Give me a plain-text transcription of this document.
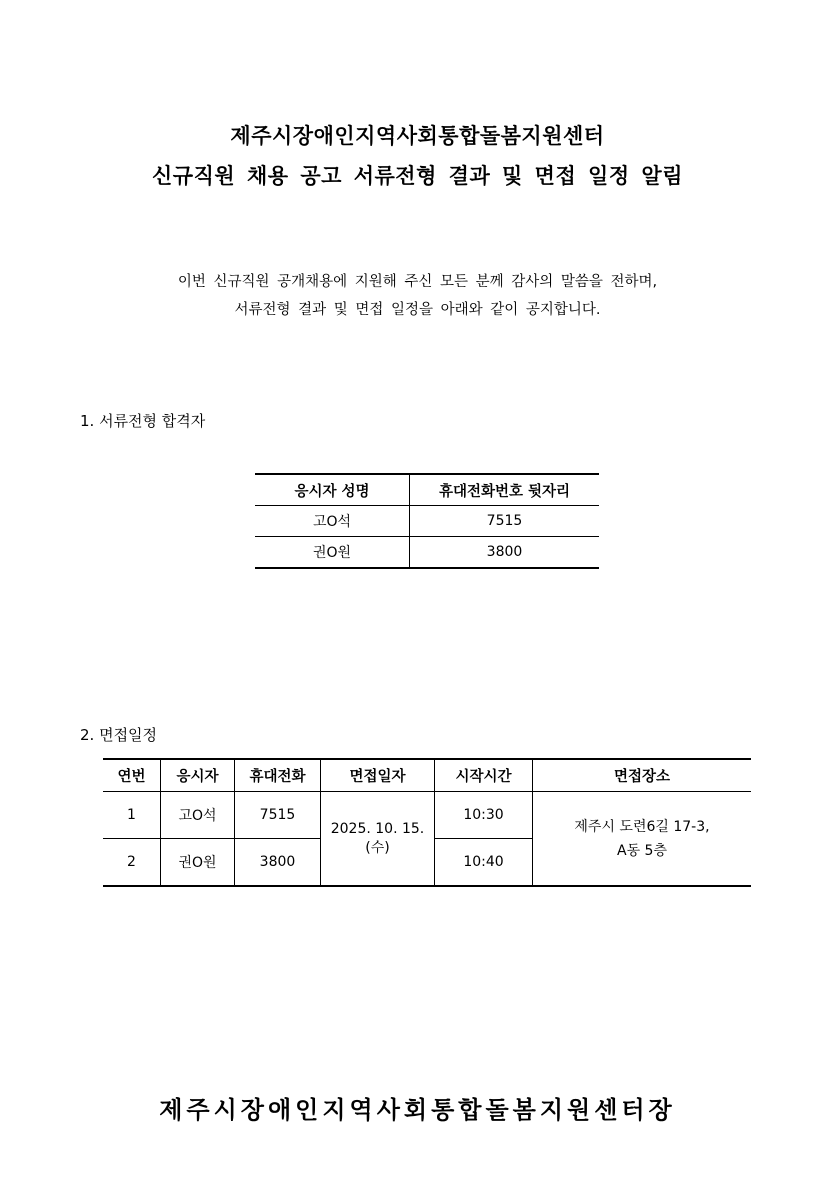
제주시장애인지역사회통합돌봄지원센터
신규직원 채용 공고 서류전형 결과 및 면접 일정 알림
이번 신규직원 공개채용에 지원해 주신 모든 분께 감사의 말씀을 전하며,
서류전형 결과 및 면접 일정을 아래와 같이 공지합니다.
1. 서류전형 합격자
응시자 성명	휴대전화번호 뒷자리
고O석	7515
권O원	3800
2. 면접일정
연번	응시자	휴대전화	면접일자	시작시간	면접장소
1	고O석	7515	2025. 10. 15.(수)	10:30	제주시 도련6길 17-3,
A동 5층

2	권O원	3800		10:40	
제주시장애인지역사회통합돌봄지원센터장
